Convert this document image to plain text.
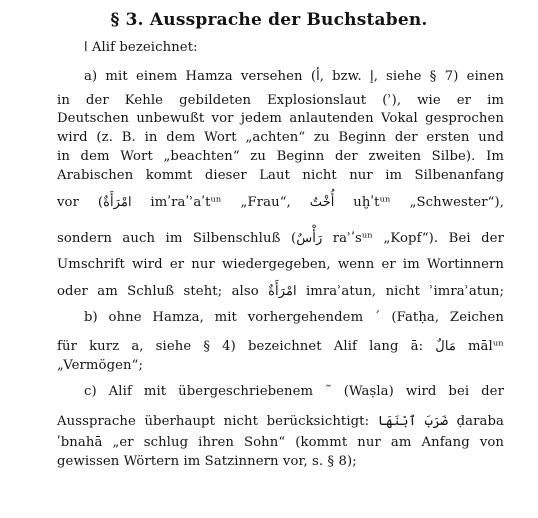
§ 3. Aussprache der Buchstaben.
ا Alif bezeichnet:
a) mit einem Hamza versehen (أ, bzw. إ, siehe § 7) einen
in der Kehle gebildeten Explosionslaut (ʾ), wie er im
Deutschen unbewußt vor jedem anlautenden Vokal gesprochen
wird (z. B. in dem Wort „achten“ zu Beginn der ersten und
in dem Wort „beachten“ zu Beginn der zweiten Silbe). Im
Arabischen kommt dieser Laut nicht nur im Silbenanfang
vor (امْرَأَةٌ imʹraʹʾaʹtᵘⁿ „Frau“, أُخْتٌ uḫʹtᵘⁿ „Schwester“),
sondern auch im Silbenschluß (رَأْسٌ raʾʹsᵘⁿ „Kopf“). Bei der
Umschrift wird er nur wiedergegeben, wenn er im Wortinnern
oder am Schluß steht; also امْرَأَةٌ imraʾatun, nicht ʾimraʾatun;
b) ohne Hamza, mit vorhergehendem ´ (Fatḥa, Zeichen
für kurz a, siehe § 4) bezeichnet Alif lang ā: مَالٌ mālᵘⁿ
„Vermögen“;
c) Alif mit übergeschriebenem ῀ (Waṣla) wird bei der
Aussprache überhaupt nicht berücksichtigt: ضَرَبَ ٱبْنَهَا ḍaraba
ʹbnahā „er schlug ihren Sohn“ (kommt nur am Anfang von
gewissen Wörtern im Satzinnern vor, s. § 8);
